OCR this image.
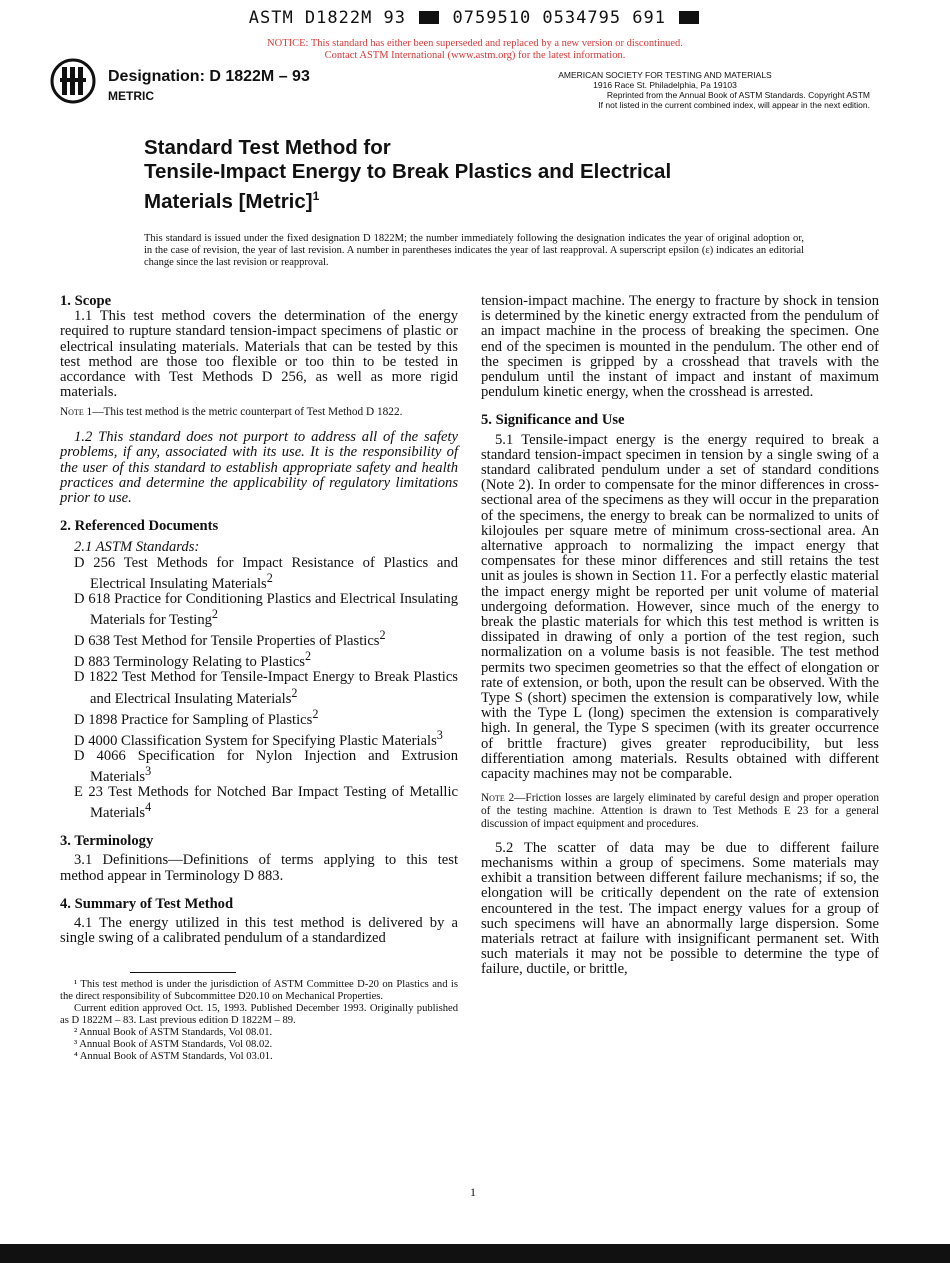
ASTM D1822M 93	0759510 0534795 691
NOTICE: This standard has either been superseded and replaced by a new version or discontinued.
Contact ASTM International (www.astm.org) for the latest information.
Designation: D 1822M – 93
METRIC
AMERICAN SOCIETY FOR TESTING AND MATERIALS
1916 Race St. Philadelphia, Pa 19103
Reprinted from the Annual Book of ASTM Standards. Copyright ASTM
If not listed in the current combined index, will appear in the next edition.
Standard Test Method for
Tensile-Impact Energy to Break Plastics and Electrical
Materials [Metric]$^1$
This standard is issued under the fixed designation D 1822M; the number immediately following the designation indicates the year of original adoption or, in the case of revision, the year of last revision. A number in parentheses indicates the year of last reapproval. A superscript epsilon (ε) indicates an editorial change since the last revision or reapproval.
1. Scope

1.1 This test method covers the determination of the energy required to rupture standard tension-impact specimens of plastic or electrical insulating materials. Materials that can be tested by this test method are those too flexible or too thin to be tested in accordance with Test Methods D 256, as well as more rigid materials.

Note 1—This test method is the metric counterpart of Test Method D 1822.

1.2 This standard does not purport to address all of the safety problems, if any, associated with its use. It is the responsibility of the user of this standard to establish appropriate safety and health practices and determine the applicability of regulatory limitations prior to use.

2. Referenced Documents

2.1 ASTM Standards:

D 256 Test Methods for Impact Resistance of Plastics and Electrical Insulating Materials$^2$

D 618 Practice for Conditioning Plastics and Electrical Insulating Materials for Testing$^2$

D 638 Test Method for Tensile Properties of Plastics$^2$

D 883 Terminology Relating to Plastics$^2$

D 1822 Test Method for Tensile-Impact Energy to Break Plastics and Electrical Insulating Materials$^2$

D 1898 Practice for Sampling of Plastics$^2$

D 4000 Classification System for Specifying Plastic Materials$^3$

D 4066 Specification for Nylon Injection and Extrusion Materials$^3$

E 23 Test Methods for Notched Bar Impact Testing of Metallic Materials$^4$

3. Terminology

3.1 Definitions—Definitions of terms applying to this test method appear in Terminology D 883.

4. Summary of Test Method

4.1 The energy utilized in this test method is delivered by a single swing of a calibrated pendulum of a standardized

¹ This test method is under the jurisdiction of ASTM Committee D-20 on Plastics and is the direct responsibility of Subcommittee D20.10 on Mechanical Properties.

Current edition approved Oct. 15, 1993. Published December 1993. Originally published as D 1822M – 83. Last previous edition D 1822M – 89.

² Annual Book of ASTM Standards, Vol 08.01.

³ Annual Book of ASTM Standards, Vol 08.02.

⁴ Annual Book of ASTM Standards, Vol 03.01.

tension-impact machine. The energy to fracture by shock in tension is determined by the kinetic energy extracted from the pendulum of an impact machine in the process of breaking the specimen. One end of the specimen is mounted in the pendulum. The other end of the specimen is gripped by a crosshead that travels with the pendulum until the instant of impact and instant of maximum pendulum kinetic energy, when the crosshead is arrested.

5. Significance and Use

5.1 Tensile-impact energy is the energy required to break a standard tension-impact specimen in tension by a single swing of a standard calibrated pendulum under a set of standard conditions (Note 2). In order to compensate for the minor differences in cross-sectional area of the specimens as they will occur in the preparation of the specimens, the energy to break can be normalized to units of kilojoules per square metre of minimum cross-sectional area. An alternative approach to normalizing the impact energy that compensates for these minor differences and still retains the test unit as joules is shown in Section 11. For a perfectly elastic material the impact energy might be reported per unit volume of material undergoing deformation. However, since much of the energy to break the plastic materials for which this test method is written is dissipated in drawing of only a portion of the test region, such normalization on a volume basis is not feasible. The test method permits two specimen geometries so that the effect of elongation or rate of extension, or both, upon the result can be observed. With the Type S (short) specimen the extension is comparatively low, while with the Type L (long) specimen the extension is comparatively high. In general, the Type S specimen (with its greater occurrence of brittle fracture) gives greater reproducibility, but less differentiation among materials. Results obtained with different capacity machines may not be comparable.

Note 2—Friction losses are largely eliminated by careful design and proper operation of the testing machine. Attention is drawn to Test Methods E 23 for a general discussion of impact equipment and procedures.

5.2 The scatter of data may be due to different failure mechanisms within a group of specimens. Some materials may exhibit a transition between different failure mechanisms; if so, the elongation will be critically dependent on the rate of extension encountered in the test. The impact energy values for a group of such specimens will have an abnormally large dispersion. Some materials retract at failure with insignificant permanent set. With such materials it may not be possible to determine the type of failure, ductile, or brittle,

1
